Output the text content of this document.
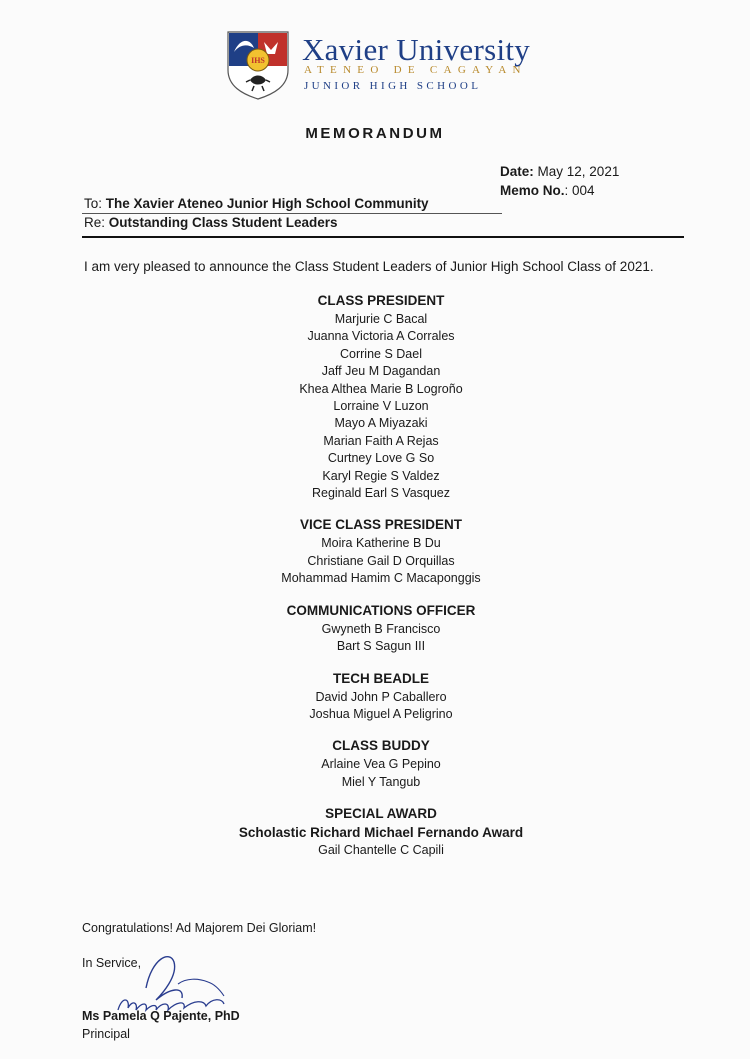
IHS Xavier University
ATENEO DE CAGAYAN
JUNIOR HIGH SCHOOL
MEMORANDUM
Date: May 12, 2021
Memo No.: 004
To: The Xavier Ateneo Junior High School Community
Re: Outstanding Class Student Leaders
I am very pleased to announce the Class Student Leaders of Junior High School Class of 2021.
CLASS PRESIDENT
Marjurie C Bacal
Juanna Victoria A Corrales
Corrine S Dael
Jaff Jeu M Dagandan
Khea Althea Marie B Logroño
Lorraine V Luzon
Mayo A Miyazaki
Marian Faith A Rejas
Curtney Love G So
Karyl Regie S Valdez
Reginald Earl S Vasquez
VICE CLASS PRESIDENT
Moira Katherine B Du
Christiane Gail D Orquillas
Mohammad Hamim C Macaponggis
COMMUNICATIONS OFFICER
Gwyneth B Francisco
Bart S Sagun III
TECH BEADLE
David John P Caballero
Joshua Miguel A Peligrino
CLASS BUDDY
Arlaine Vea G Pepino
Miel Y Tangub
SPECIAL AWARD
Scholastic Richard Michael Fernando Award
Gail Chantelle C Capili
Congratulations! Ad Majorem Dei Gloriam!
In Service,
Ms Pamela Q Pajente, PhD
Principal
